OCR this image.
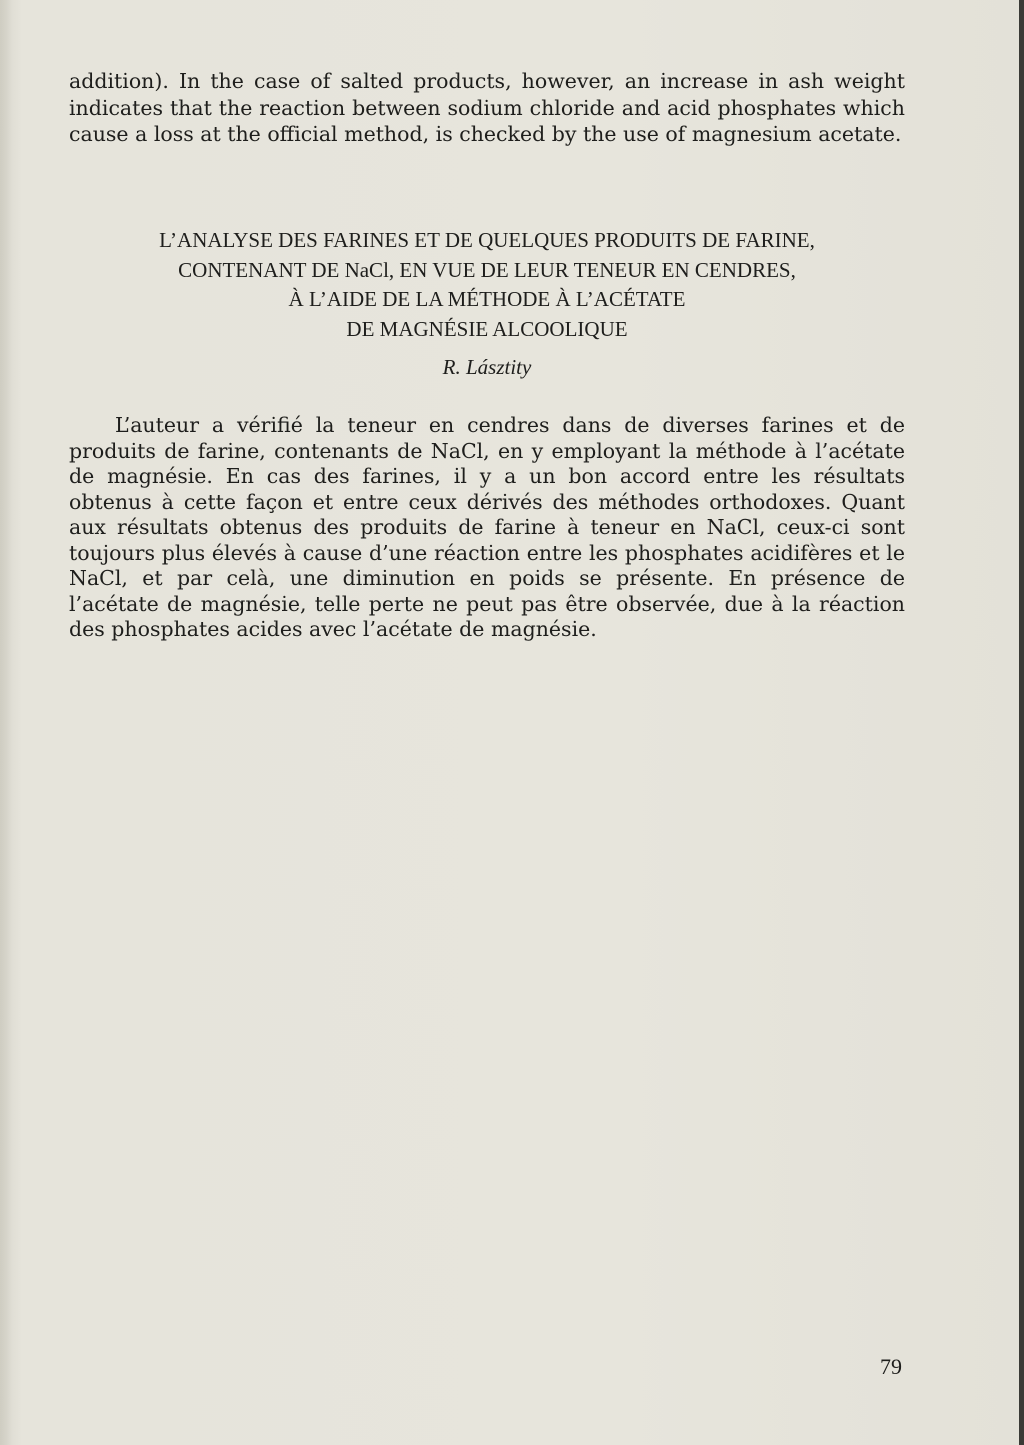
addition). In the case of salted products, however, an increase in ash weight indicates that the reaction between sodium chloride and acid phosphates which cause a loss at the official method, is checked by the use of magnesium acetate.

L’ANALYSE DES FARINES ET DE QUELQUES PRODUITS DE FARINE,
CONTENANT DE NaCl, EN VUE DE LEUR TENEUR EN CENDRES,
À L’AIDE DE LA MÉTHODE À L’ACÉTATE
DE MAGNÉSIE ALCOOLIQUE

R. Lásztity

L’auteur a vérifié la teneur en cendres dans de diverses farines et de produits de farine, contenants de NaCl, en y employant la méthode à l’acétate de magnésie. En cas des farines, il y a un bon accord entre les résultats obtenus à cette façon et entre ceux dérivés des méthodes orthodoxes. Quant aux résultats obtenus des produits de farine à teneur en NaCl, ceux-ci sont toujours plus élevés à cause d’une réaction entre les phosphates acidifères et le NaCl, et par celà, une diminution en poids se présente. En présence de l’acétate de magnésie, telle perte ne peut pas être observée, due à la réaction des phosphates acides avec l’acétate de magnésie.

79
